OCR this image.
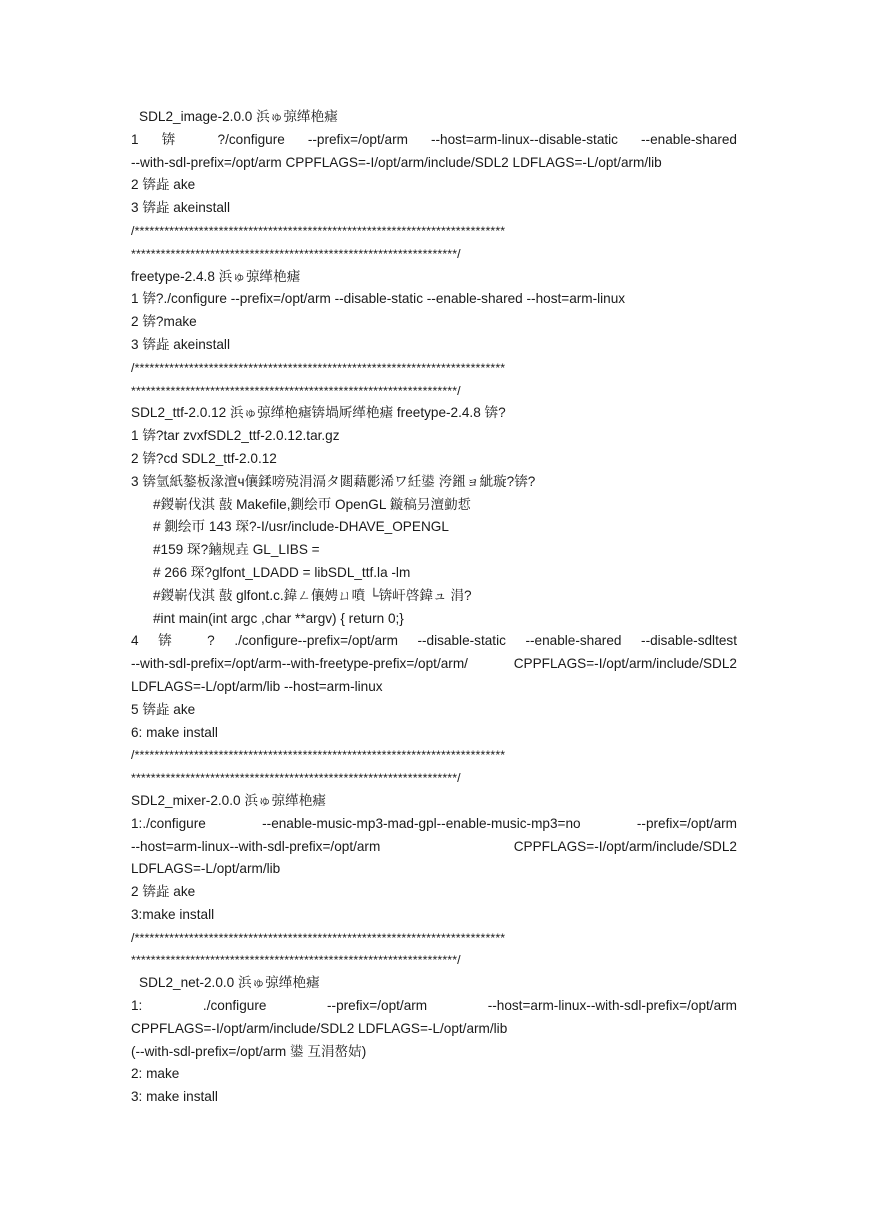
SDL2_image-2.0.0 浜ゅ弶缂栬瘧
1 锛 ?/configure --prefix=/opt/arm --host=arm-linux--disable-static --enable-shared
--with-sdl-prefix=/opt/arm CPPFLAGS=-I/opt/arm/include/SDL2 LDFLAGS=-L/opt/arm/lib
2 锛歮 ake
3 锛歮 akeinstall
/***************************************************************************
******************************************************************/
freetype-2.4.8 浜ゅ弶缂栬瘧
1 锛?./configure --prefix=/opt/arm --disable-static --enable-shared --host=arm-linux
2 锛?make
3 锛歮 akeinstall
/***************************************************************************
******************************************************************/
SDL2_ttf-2.0.12 浜ゅ弶缂栬瘧锛堝厛缂栬瘧 freetype-2.4.8 锛?
1 锛?tar zvxfSDL2_ttf-2.0.12.tar.gz
2 锛?cd SDL2_ttf-2.0.12
3 锛氫紙鏊板湪澶ч儴鍒嗙殑涓滆タ閮藉彲浠ワ紝鍙 洿鎺ョ紪璇?锛?
#鍐嶄伐淇 敼 Makefile,鍘绘帀 OpenGL 鏇稿叧澶勭悊
# 鍘绘帀 143 琛?-I/usr/include-DHAVE_OPENGL
#159 琛?鏀规垚 GL_LIBS =
# 266 琛?glfont_LDADD = libSDL_ttf.la -lm
#鍐嶄伐淇 敼 glfont.c.鍏ㄥ儴娉ㄩ噴 └锛屽啓鍏ュ 涓?
#int main(int argc ,char **argv) { return 0;}
4 锛 ? ./configure--prefix=/opt/arm --disable-static --enable-shared --disable-sdltest
--with-sdl-prefix=/opt/arm--with-freetype-prefix=/opt/arm/ CPPFLAGS=-I/opt/arm/include/SDL2
LDFLAGS=-L/opt/arm/lib --host=arm-linux
5 锛歮 ake
6: make install
/***************************************************************************
******************************************************************/
SDL2_mixer-2.0.0 浜ゅ弶缂栬瘧
1:./configure --enable-music-mp3-mad-gpl--enable-music-mp3=no --prefix=/opt/arm
--host=arm-linux--with-sdl-prefix=/opt/arm CPPFLAGS=-I/opt/arm/include/SDL2
LDFLAGS=-L/opt/arm/lib
2 锛歮 ake
3:make install
/***************************************************************************
******************************************************************/
SDL2_net-2.0.0 浜ゅ弶缂栬瘧
1: ./configure --prefix=/opt/arm --host=arm-linux--with-sdl-prefix=/opt/arm
CPPFLAGS=-I/opt/arm/include/SDL2 LDFLAGS=-L/opt/arm/lib
(--with-sdl-prefix=/opt/arm 鍙 互涓嶅姞)
2: make
3: make install
